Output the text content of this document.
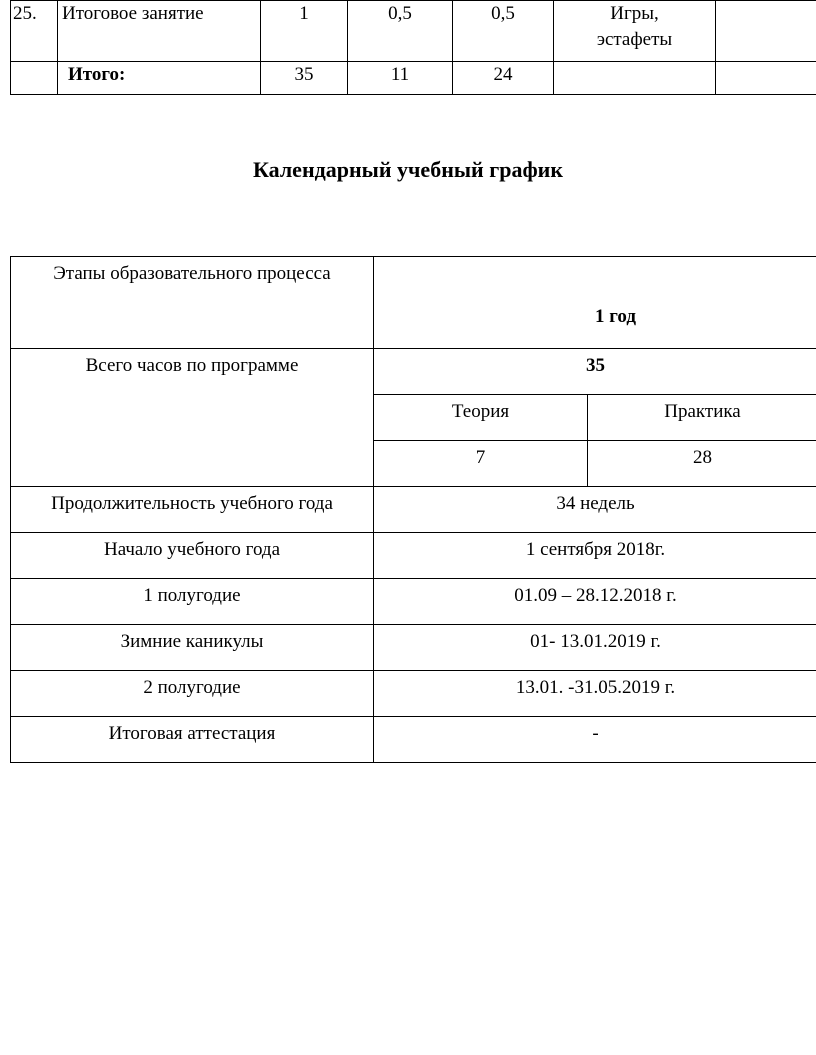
25.	Итоговое занятие	1	0,5	0,5	Игры,
эстафеты	
	Итого:	35	11	24		
Календарный учебный график
Этапы образовательного процесса	1 год	

Всего часов по программе	35	

	Теория	Практика

	7	28

Продолжительность учебного года	34 недель	

Начало учебного года	1 сентября 2018г.	

1 полугодие	01.09 – 28.12.2018 г.	

Зимние каникулы	01- 13.01.2019 г.	

2 полугодие	13.01. -31.05.2019 г.	

Итоговая аттестация	-	
